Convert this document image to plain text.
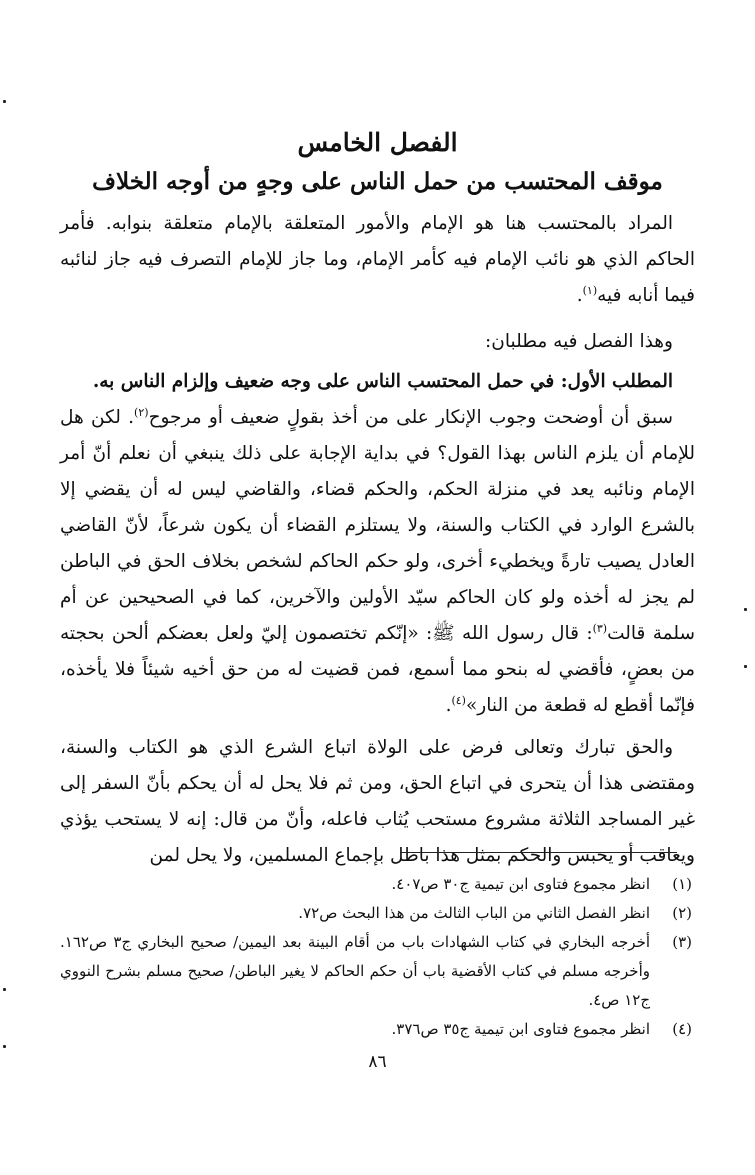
الفصل الخامس
موقف المحتسب من حمل الناس على وجهٍ من أوجه الخلاف

المراد بالمحتسب هنا هو الإمام والأمور المتعلقة بالإمام متعلقة بنوابه. فأمر الحاكم الذي هو نائب الإمام فيه كأمر الإمام، وما جاز للإمام التصرف فيه جاز لنائبه فيما أنابه فيه$^{(١)}$.

وهذا الفصل فيه مطلبان:

المطلب الأول: في حمل المحتسب الناس على وجه ضعيف وإلزام الناس به.

سبق أن أوضحت وجوب الإنكار على من أخذ بقولٍ ضعيف أو مرجوح$^{(٢)}$. لكن هل للإمام أن يلزم الناس بهذا القول؟ في بداية الإجابة على ذلك ينبغي أن نعلم أنّ أمر الإمام ونائبه يعد في منزلة الحكم، والحكم قضاء، والقاضي ليس له أن يقضي إلا بالشرع الوارد في الكتاب والسنة، ولا يستلزم القضاء أن يكون شرعاً، لأنّ القاضي العادل يصيب تارةً ويخطيء أخرى، ولو حكم الحاكم لشخص بخلاف الحق في الباطن لم يجز له أخذه ولو كان الحاكم سيّد الأولين والآخرين، كما في الصحيحين عن أم سلمة قالت$^{(٣)}$: قال رسول الله ﷺ: «إنّكم تختصمون إليّ ولعل بعضكم ألحن بحجته من بعضٍ، فأقضي له بنحو مما أسمع، فمن قضيت له من حق أخيه شيئاً فلا يأخذه، فإنّما أقطع له قطعة من النار»$^{(٤)}$.

والحق تبارك وتعالى فرض على الولاة اتباع الشرع الذي هو الكتاب والسنة، ومقتضى هذا أن يتحرى في اتباع الحق، ومن ثم فلا يحل له أن يحكم بأنّ السفر إلى غير المساجد الثلاثة مشروع مستحب يُثاب فاعله، وأنّ من قال: إنه لا يستحب يؤذي ويعاقب أو يحبس والحكم بمثل هذا باطل بإجماع المسلمين، ولا يحل لمن

(١)
انظر مجموع فتاوى ابن تيمية ج٣٠ ص٤٠٧.
(٢)
انظر الفصل الثاني من الباب الثالث من هذا البحث ص٧٢.
(٣)
أخرجه البخاري في كتاب الشهادات باب من أقام البينة بعد اليمين/ صحيح البخاري ج٣ ص١٦٢. وأخرجه مسلم في كتاب الأقضية باب أن حكم الحاكم لا يغير الباطن/ صحيح مسلم بشرح النووي ج١٢ ص٤.
(٤)
انظر مجموع فتاوى ابن تيمية ج٣٥ ص٣٧٦.
٨٦
